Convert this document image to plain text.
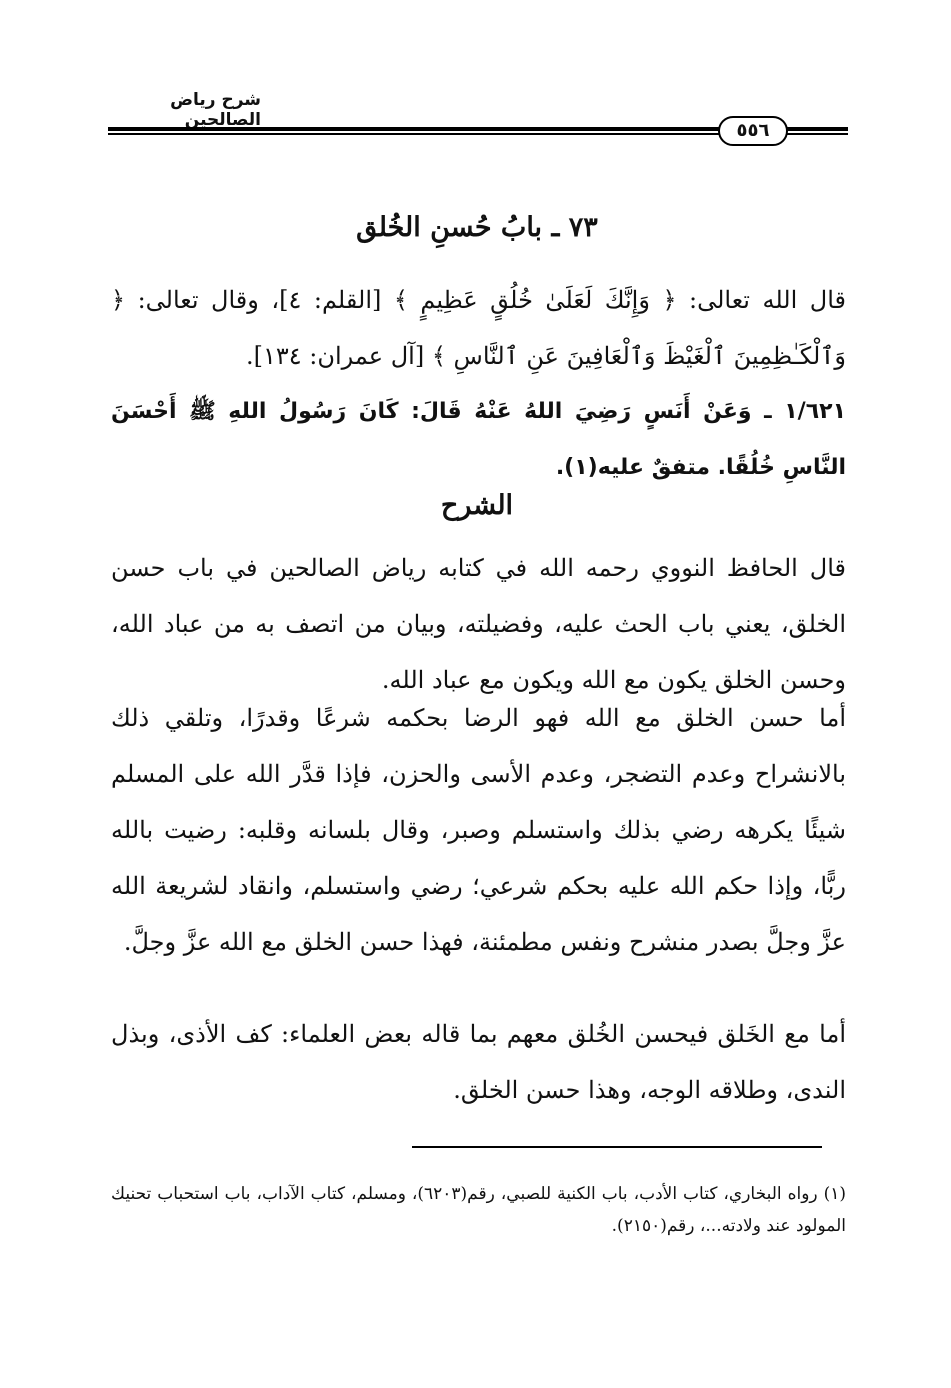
شرح رياض الصالحين	٥٥٦
٧٣ ـ بابُ حُسنِ الخُلق
قال الله تعالى: ﴿ وَإِنَّكَ لَعَلَىٰ خُلُقٍ عَظِيمٍ ﴾ [القلم: ٤]، وقال تعالى: ﴿ وَٱلْكَـٰظِمِينَ ٱلْغَيْظَ وَٱلْعَافِينَ عَنِ ٱلنَّاسِ ﴾ [آل عمران: ١٣٤].
١/٦٢١ ـ وَعَنْ أَنَسٍ رَضِيَ اللهُ عَنْهُ قَالَ: كَانَ رَسُولُ اللهِ ﷺ أَحْسَنَ النَّاسِ خُلُقًا. متفقٌ عليه(١).
الشرح
قال الحافظ النووي رحمه الله في كتابه رياض الصالحين في باب حسن الخلق، يعني باب الحث عليه، وفضيلته، وبيان من اتصف به من عباد الله، وحسن الخلق يكون مع الله ويكون مع عباد الله.
أما حسن الخلق مع الله فهو الرضا بحكمه شرعًا وقدرًا، وتلقي ذلك بالانشراح وعدم التضجر، وعدم الأسى والحزن، فإذا قدَّر الله على المسلم شيئًا يكرهه رضي بذلك واستسلم وصبر، وقال بلسانه وقلبه: رضيت بالله ربًّا، وإذا حكم الله عليه بحكم شرعي؛ رضي واستسلم، وانقاد لشريعة الله عزَّ وجلَّ بصدر منشرح ونفس مطمئنة، فهذا حسن الخلق مع الله عزَّ وجلَّ.
أما مع الخَلق فيحسن الخُلق معهم بما قاله بعض العلماء: كف الأذى، وبذل الندى، وطلاقه الوجه، وهذا حسن الخلق.
(١) رواه البخاري، كتاب الأدب، باب الكنية للصبي، رقم(٦٢٠٣)، ومسلم، كتاب الآداب، باب استحباب تحنيك المولود عند ولادته...، رقم(٢١٥٠).
